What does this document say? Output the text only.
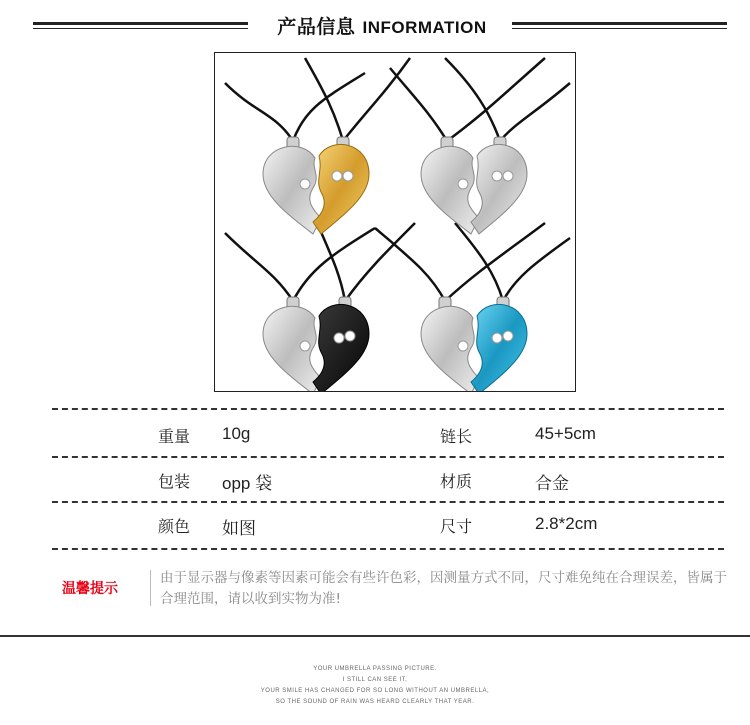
产品信息 INFORMATION
重量 10g	链长	45+5cm
包装 opp 袋	材质	合金
颜色 如图	尺寸	2.8*2cm
温馨提示
由于显示器与像素等因素可能会有些许色彩，因测量方式不同，尺寸难免纯在合理误差，皆属于合理范围，请以收到实物为准!
YOUR UMBRELLA PASSING PICTURE.
I STILL CAN SEE IT,
YOUR SMILE HAS CHANGED FOR SO LONG WITHOUT AN UMBRELLA,
SO THE SOUND OF RAIN WAS HEARD CLEARLY THAT YEAR.
